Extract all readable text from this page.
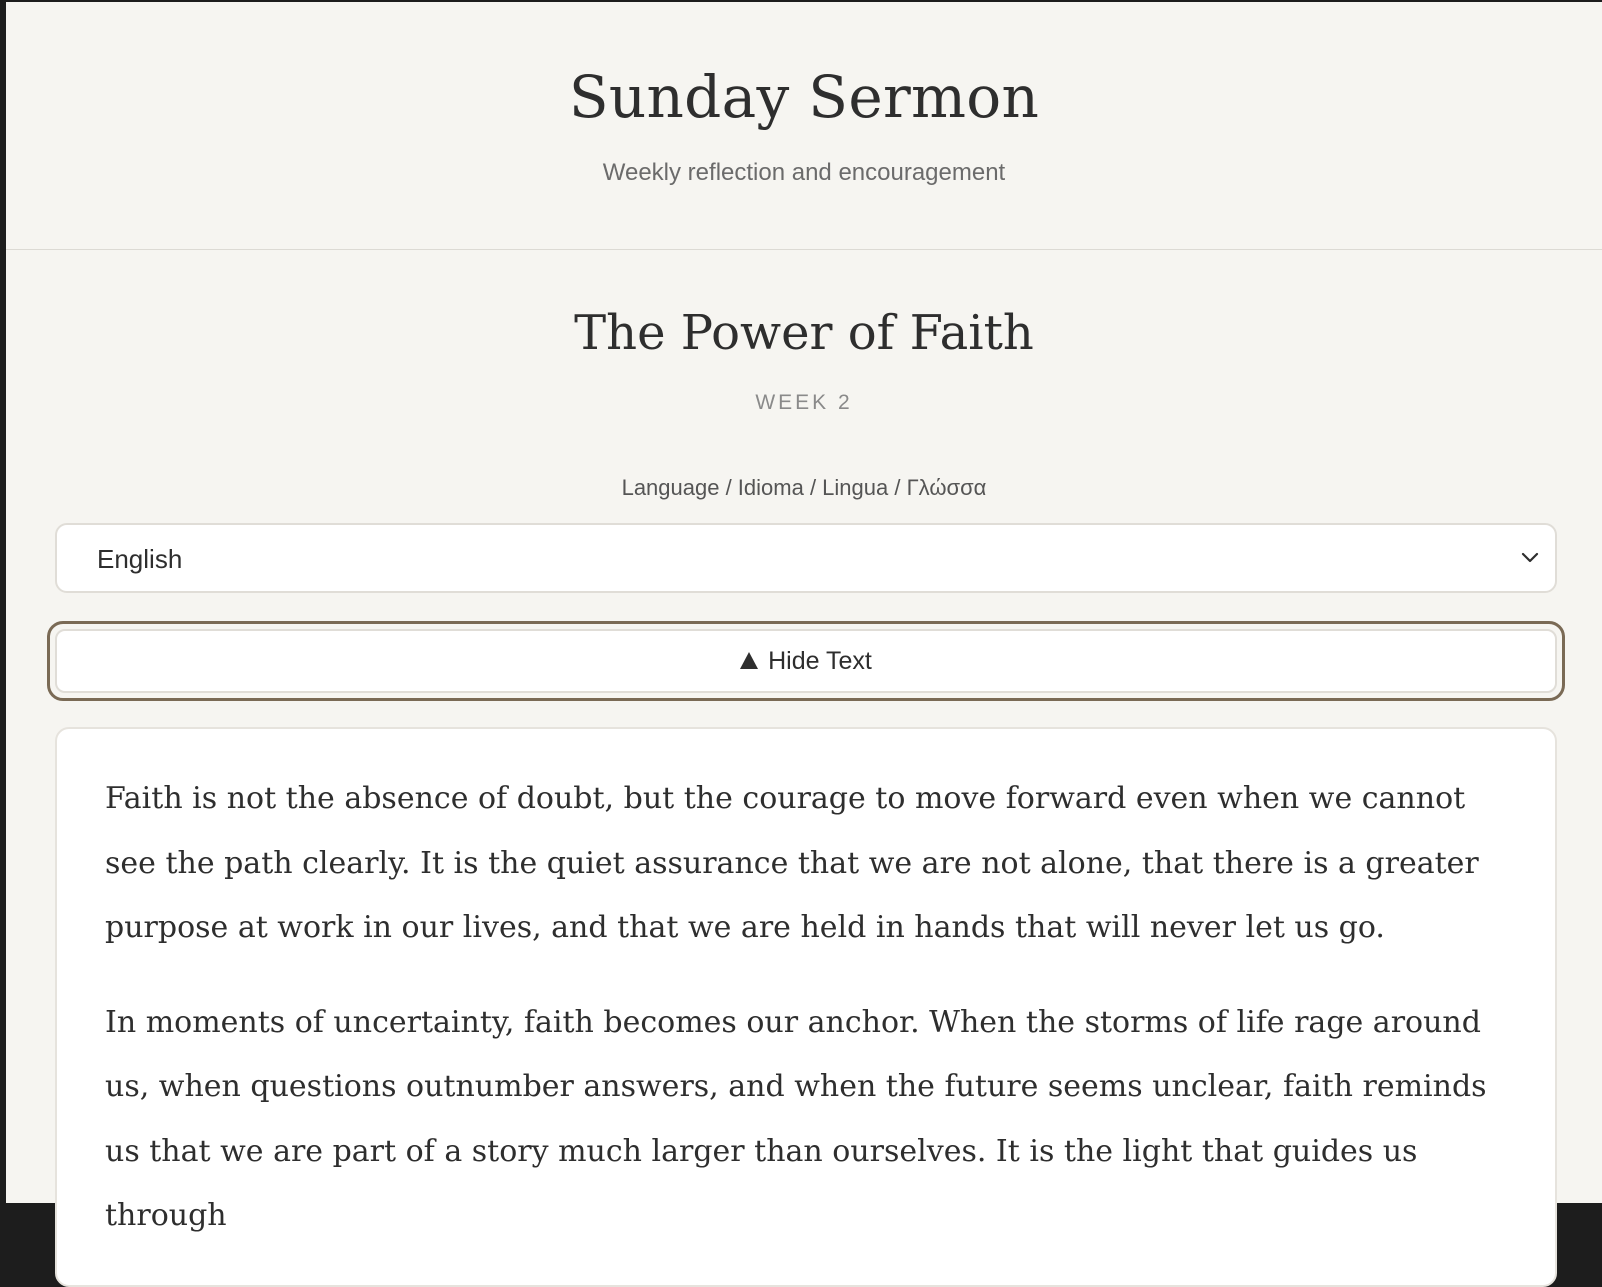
Sunday Sermon
Weekly reflection and encouragement
The Power of Faith
WEEK 2
Language / Idioma / Lingua / Γλώσσα
English
Hide Text

Faith is not the absence of doubt, but the courage to move forward even when we cannot see the path clearly. It is the quiet assurance that we are not alone, that there is a greater purpose at work in our lives, and that we are held in hands that will never let us go.

In moments of uncertainty, faith becomes our anchor. When the storms of life rage around us, when questions outnumber answers, and when the future seems unclear, faith reminds us that we are part of a story much larger than ourselves. It is the light that guides us through
